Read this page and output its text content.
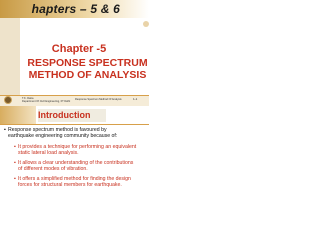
hapters – 5 & 6
Chapter -5
RESPONSE SPECTRUM
METHOD OF ANALYSIS
T.K. Datta
Department Of Civil Engineering, IIT Delhi
Response Spectrum Method Of Analysis	1-1
Introduction
▪ Response spectrum method is favoured by earthquake engineering community because of:
▪ It provides a technique for performing an equivalent static lateral load analysis.
▪ It allows a clear understanding of the contributions of different modes of vibration.
▪ It offers a simplified method for finding the design forces for structural members for earthquake.
